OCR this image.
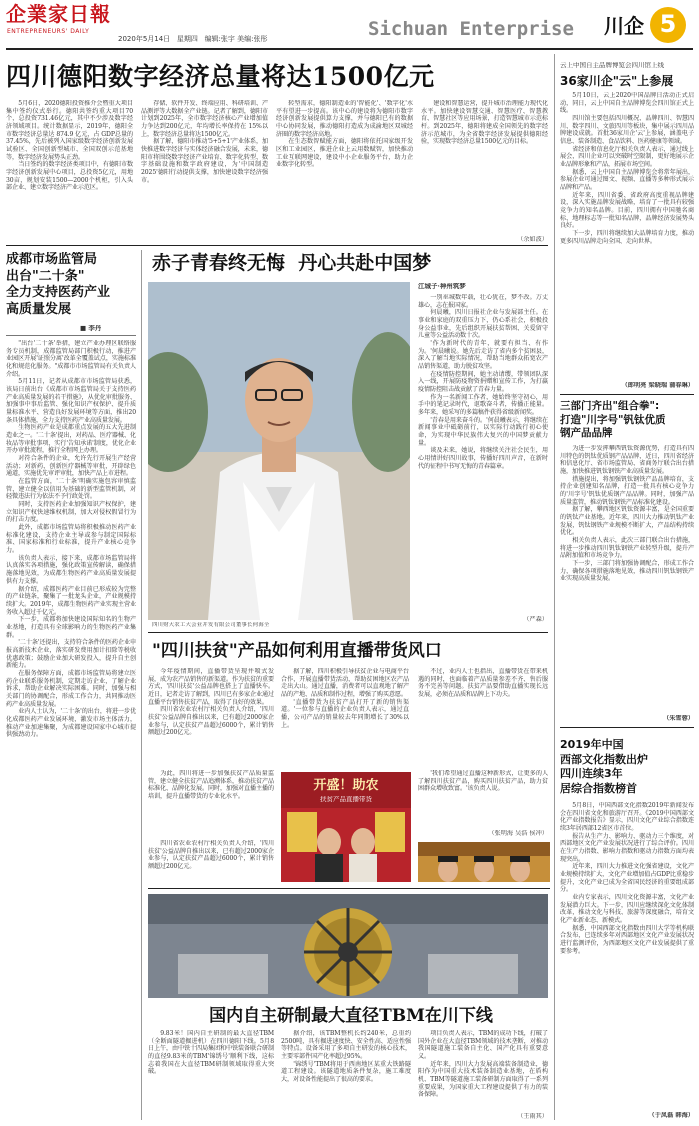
企業家日報
ENTREPRENEURS' DAILY
2020年5月14日 星期四 编辑:张宇 美编:张彤	Sichuan Enterprise 川企 5
四川德阳数字经济总量将达1500亿元

5月6日，2020德阳投资推介会暨重大项目集中签约仪式举行。德阳共签约重大项目70个，总投资731.46亿元，其中不少涉及数字经济领域项目。统计数据显示，2019年，德阳全市数字经济总量达 874.9 亿元，占 GDP总量的37.45%，先后被列入国家级数字经济创新发展试验区、全国创新型城市、全国双创示范基地等，数字经济发展势头正劲。

当日签约的数字经济类项目中，有德阳市数字经济创新发展中心项目，总投资5亿元，用地30亩，规划安装1500—2000个机柜，引入头部企业、建立数字经济产业示范区。

存储、软件开发、终端应用、科研培训、产品测评等大数据全产业链。记者了解到，德阳市计划到2025年，全市数字经济核心产业增加值力争达到200亿元，年均增长率保持在 15%以上，数字经济总量将达1500亿元。

据了解，德阳市推动'5+5+1'产业体系，加快推进数字经济与实体经济融合发展，未来，德阳市将围绕数字经济产业培育、数字化转型、数字基础设施和数字政府建设，为'中国制造2025'德阳行动提供支撑，加快建设数字经济强市。

转型需求，德阳制造业的'智能化'、'数字化'水平有望进一步提高。该中心的建设将为德阳市数字经济创新发展提供算力支撑，并与德阳已有的数据中心协同发展，推动德阳打造成为成渝地区双城经济圈的数字经济高地。

在生态数智赋能方面，德阳将依托国家级开发区和工业园区，推进企业上云用数赋智，加快推动工业互联网建设，建设中小企业服务平台，助力企业数字化转型。

建设和智慧运营，提升城市治理能力现代化水平。加快建设智慧交通、智慧医疗、智慧教育、智慧社区等应用场景，打造智慧城市示范标杆。到2025年，德阳将建成全国领先的数字经济示范城市，为全省数字经济发展提供德阳经验，实现数字经济总量1500亿元的目标。

（余如波）
成都市场监管局
出台"二十条"
全力支持医药产业
高质量发展
■ 李丹

"出台'二十条'举措，建立产业办理区联络服务专员机制，成都监管局部门积极行动，推进产业园区开展'证照分离'改革全覆盖试点，实施标准化和规范化服务。"成都市市场监管局有关负责人介绍。

5月11日，记者从成都市市场监管局获悉，该局日前出台《成都市市场监管局关于支持医药产业高质量发展的若干措施》，从优化审批服务、加强事中事后监管、强化知识产权保护、提升质量标准水平、营造良好发展环境等方面，推出20条具体措施，全力支持医药产业高质量发展。

生物医药产业是成都重点发展的五大先进制造业之一。'二十条'提出，对药品、医疗器械、化妆品等审批事项，实行'告知承诺'制度，优化企业开办审批流程，推行全程网上办理。

对符合条件的企业，允许先行开展生产经营活动；对新药、创新医疗器械等审批，开辟绿色通道，实施优先审评审批，加快产品上市进程。

在监管方面，'二十条'明确实施包容审慎监管，建立健全以信用为基础的新型监管机制，对轻微违法行为依法不予行政处罚。

同时，支持医药企业加强知识产权保护，建立知识产权快速维权机制，加大对侵权假冒行为的打击力度。

此外，成都市场监管局将积极推动医药产业标准化建设，支持企业主导或参与制定国际标准、国家标准和行业标准，提升产业核心竞争力。

该负责人表示，接下来，成都市场监管局将认真落实各项措施，强化政策宣传解读，确保措施落地见效，为成都生物医药产业高质量发展提供有力支撑。

据介绍，成都医药产业目前已形成较为完整的产业链条，聚集了一批龙头企业，产业规模持续扩大。2019年，成都生物医药产业实现主营业务收入超过千亿元。

下一步，成都将加快建设国际知名的生物产业基地，打造具有全球影响力的生物医药产业集群。

'二十条'还提出，支持符合条件的医药企业申报高新技术企业，落实研发费用加计扣除等税收优惠政策；鼓励企业加大研发投入，提升自主创新能力。

在服务保障方面，成都市场监管局将建立医药企业联系服务机制，定期走访企业，了解企业诉求，帮助企业解决实际困难。同时，加强与相关部门的协调配合，形成工作合力，共同推动医药产业高质量发展。

业内人士认为，'二十条'的出台，将进一步优化成都医药产业发展环境，激发市场主体活力，推动产业加速集聚，为成都建设国家中心城市提供强劲动力。

赤子青春终无悔  丹心共赴中国梦
四川财大农工大会业并发有限公司董事长何海全
江城子·神州筑梦

一别巫城数年载，壮心犹在，梦不改。万丈雄心，志在报国家。

何晨曦，四川日报社企业与发展部主任。在事业和家庭的双重压力下，仍心系社会，积极投身公益事业，先后组织开展扶贫帮困、关爱留守儿童等公益活动数十次。

'作为新时代的青年，就要有担当、有作为。'何晨曦说。她先后走访了省内多个贫困县，深入了解当地实际情况，帮助当地群众拓宽农产品销售渠道，助力脱贫攻坚。

在疫情防控期间，她主动请缨，带领团队深入一线，开展防疫物资捐赠和宣传工作，为打赢疫情防控阻击战贡献了青春力量。

作为一名新闻工作者，她始终坚守初心，用手中的笔记录时代，讴歌奋斗者，传播正能量。多年来，她采写的多篇稿件获得省级新闻奖。

'青春是用来奋斗的。'何晨曦表示，将继续在新闻事业中砥砺前行，以实际行动践行初心使命，为实现中华民族伟大复兴的中国梦贡献力量。

谈及未来，她说，将继续关注社会民生，用心用情讲好四川故事，传播好四川声音，在新时代的征程中书写无悔的青春篇章。

（严森）
"四川扶贫"产品如何利用直播带货风口

今年疫情期间，直播带货呈现井喷式发展，成为农产品销售的新渠道。作为扶贫的重要方式，'四川扶贫'公益品牌也搭上了直播快车。近日，记者走访了解到，四川已有多家企业通过直播平台销售扶贫产品，取得了良好的效果。

四川省农业农村厅相关负责人介绍，'四川扶贫'公益品牌自推出以来，已有超过2000家企业参与，认定扶贫产品超过6000个，累计销售额超过200亿元。

据了解，四川积极引导扶贫企业与电商平台合作，开展直播带货活动，帮助贫困地区农产品走出大山。通过直播，消费者可以直观地了解产品的产地、品质和制作过程，增强了购买意愿。

'直播带货为扶贫产品打开了新的销售渠道。'一位参与直播的企业负责人表示，通过直播，公司产品的销量较去年同期增长了30%以上。

不过，业内人士也指出，直播带货在带来机遇的同时，也面临着产品质量参差不齐、售后服务不完善等问题。扶贫产品要借助直播实现长远发展，必须在品质和品牌上下功夫。

为此，四川将进一步加强扶贫产品质量监管，建立健全扶贫产品追溯体系，推动扶贫产品标准化、品牌化发展。同时，加强对直播主播的培训，提升直播带货的专业化水平。

'我们希望通过直播这种新形式，让更多的人了解四川扶贫产品，购买四川扶贫产品，助力贫困群众增收致富。'该负责人说。

（张明海 吴浩 侯冲）
开盛！助农
扶贫产品直播带货

四川省农业农村厅相关负责人介绍，'四川扶贫'公益品牌自推出以来，已有超过2000家企业参与，认定扶贫产品超过6000个，累计销售额超过200亿元。

国内自主研制最大直径TBM在川下线

9.83米！国内自主研制的最大直径TBM（全断面隧道掘进机）在四川德阳下线。5月8日上午，由中铁十四局集团和中铁装备联合研制的直径9.83米的TBM'锦绣号'顺利下线，这标志着我国在大直径TBM研制领域取得重大突破。

据介绍，该TBM整机长约240米，总重约2500吨，具有掘进速度快、安全性高、适应性强等特点。设备采用了多项自主研发的核心技术，主要零部件国产化率超过95%。

'锦绣号'TBM将用于西南地区某重大铁路隧道工程建设。该隧道地质条件复杂，施工难度大，对设备性能提出了很高的要求。

项目负责人表示，TBM的成功下线，打破了国外企业在大直径TBM领域的技术垄断，对推动我国隧道施工装备自主化、国产化具有重要意义。

近年来，四川大力发展高端装备制造业，德阳作为中国重大技术装备制造业基地，在盾构机、TBM等隧道施工装备研制方面取得了一系列重要成果，为国家重大工程建设提供了有力的装备保障。

（王雨其）
云上中国自主品牌博览会四川馆上线
36家川企"云"上参展

5月10日，云上2020中国品牌日活动正式启动，同日，云上中国自主品牌博览会四川馆正式上线。

四川馆主要包括四川概况、品牌四川、智慧四川、数字四川、文旅四川等板块，集中展示四川品牌建设成就。首批36家川企'云'上参展，涵盖电子信息、装备制造、食品饮料、医药健康等领域。

省经济和信息化厅相关负责人表示，通过线上展会，四川企业可以突破时空限制，更好地展示企业品牌形象和产品，拓展市场空间。

据悉，云上中国自主品牌博览会将常年展出，参展企业可通过图文、视频、直播等多种形式展示品牌和产品。

近年来，四川省委、省政府高度重视品牌建设，深入实施品牌发展战略，培育了一批具有较强竞争力的知名品牌。目前，四川拥有中国驰名商标、地理标志等一批知名品牌，品牌经济发展势头良好。

下一步，四川将继续加大品牌培育力度，推动更多四川品牌走向全国、走向世界。

（郎明亮 梁晓瑞 蒲春琳）
三部门齐出"组合拳":
打造"川字号"钒钛优质
钢产品品牌

为进一步发挥攀西钒钛资源优势，打造具有四川特色的钒钛优质钢产品品牌，近日，四川省经济和信息化厅、省市场监管局、省商务厅联合出台措施，加快推进钒钛钢铁产业高质量发展。

措施提出，将加强钒钛钢铁产品品牌培育，支持企业创建知名品牌，打造一批具有核心竞争力的'川字号'钒钛优质钢产品品牌。同时，加强产品质量监管，推动钒钛钢铁产品标准化建设。

据了解，攀西地区钒钛资源丰富，是全国重要的钒钛产业基地。近年来，四川大力推动钒钛产业发展，钒钛钢铁产业规模不断扩大，产品结构持续优化。

相关负责人表示，此次三部门联合出台措施，将进一步推动四川钒钛钢铁产业转型升级，提升产品附加值和市场竞争力。

下一步，三部门将加强协调配合，形成工作合力，确保各项措施落地见效，推动四川钒钛钢铁产业实现高质量发展。

（朱雪蓉）
2019年中国
西部文化指数出炉
四川连续3年
居综合指数榜首

5月8日，中国西部文化指数2019年新闻发布会在四川省文化和旅游厅召开。《2019中国西部文化产业指数报告》显示，四川文化产业综合指数连续3年居西部12省区市首位。

报告从生产力、影响力、驱动力三个维度，对西部地区文化产业发展状况进行了综合评价。四川在生产力指数、影响力指数和驱动力指数方面均表现突出。

近年来，四川大力推进文化强省建设，文化产业规模持续扩大，文化产业增加值占GDP比重稳步提升，文化产业已成为全省国民经济的重要组成部分。

业内专家表示，四川文化资源丰富，文化产业发展潜力巨大。下一步，四川应继续深化文化体制改革，推动文化与科技、旅游等深度融合，培育文化产业新业态、新模式。

据悉，中国西部文化指数由四川大学等机构联合发布，已连续多年对西部地区文化产业发展状况进行监测评价，为西部地区文化产业发展提供了重要参考。

（于凤磊 韩海）
